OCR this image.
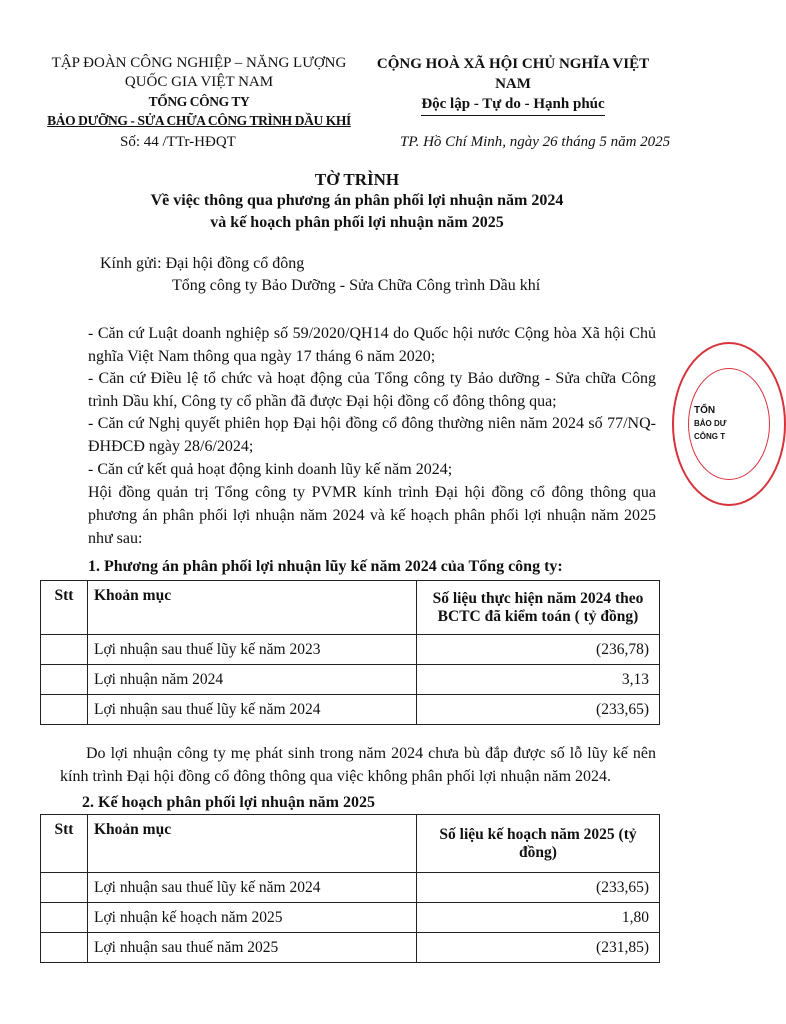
TẬP ĐOÀN CÔNG NGHIỆP – NĂNG LƯỢNG
QUỐC GIA VIỆT NAM
TỔNG CÔNG TY
BẢO DƯỠNG - SỬA CHỮA CÔNG TRÌNH DẦU KHÍ
CỘNG HOÀ XÃ HỘI CHỦ NGHĨA VIỆT NAM
Độc lập - Tự do - Hạnh phúc
Số: 44 /TTr-HĐQT	TP. Hồ Chí Minh, ngày 26 tháng 5 năm 2025
TỜ TRÌNH
Về việc thông qua phương án phân phối lợi nhuận năm 2024
và kế hoạch phân phối lợi nhuận năm 2025
Kính gửi: Đại hội đồng cổ đông
Tổng công ty Bảo Dưỡng - Sửa Chữa Công trình Dầu khí
- Căn cứ Luật doanh nghiệp số 59/2020/QH14 do Quốc hội nước Cộng hòa Xã hội Chủ nghĩa Việt Nam thông qua ngày 17 tháng 6 năm 2020;
- Căn cứ Điều lệ tổ chức và hoạt động của Tổng công ty Bảo dưỡng - Sửa chữa Công trình Dầu khí, Công ty cổ phần đã được Đại hội đồng cổ đông thông qua;
- Căn cứ Nghị quyết phiên họp Đại hội đồng cổ đông thường niên năm 2024 số 77/NQ-ĐHĐCĐ ngày 28/6/2024;
- Căn cứ kết quả hoạt động kinh doanh lũy kế năm 2024;
Hội đồng quản trị Tổng công ty PVMR kính trình Đại hội đồng cổ đông thông qua phương án phân phối lợi nhuận năm 2024 và kế hoạch phân phối lợi nhuận năm 2025 như sau:
1. Phương án phân phối lợi nhuận lũy kế năm 2024 của Tổng công ty:
Stt	Khoản mục	Số liệu thực hiện năm 2024 theo BCTC đã kiểm toán ( tỷ đồng)
	Lợi nhuận sau thuế lũy kế năm 2023	(236,78)
	Lợi nhuận năm 2024	3,13
	Lợi nhuận sau thuế lũy kế năm 2024	(233,65)
Do lợi nhuận công ty mẹ phát sinh trong năm 2024 chưa bù đắp được số lỗ lũy kế nên kính trình Đại hội đồng cổ đông thông qua việc không phân phối lợi nhuận năm 2024.
2. Kế hoạch phân phối lợi nhuận năm 2025
Stt	Khoản mục	Số liệu kế hoạch năm 2025 (tỷ đồng)
	Lợi nhuận sau thuế lũy kế năm 2024	(233,65)
	Lợi nhuận kế hoạch năm 2025	1,80
	Lợi nhuận sau thuế năm 2025	(231,85)
TỔN
BẢO DƯ
CÔNG T
